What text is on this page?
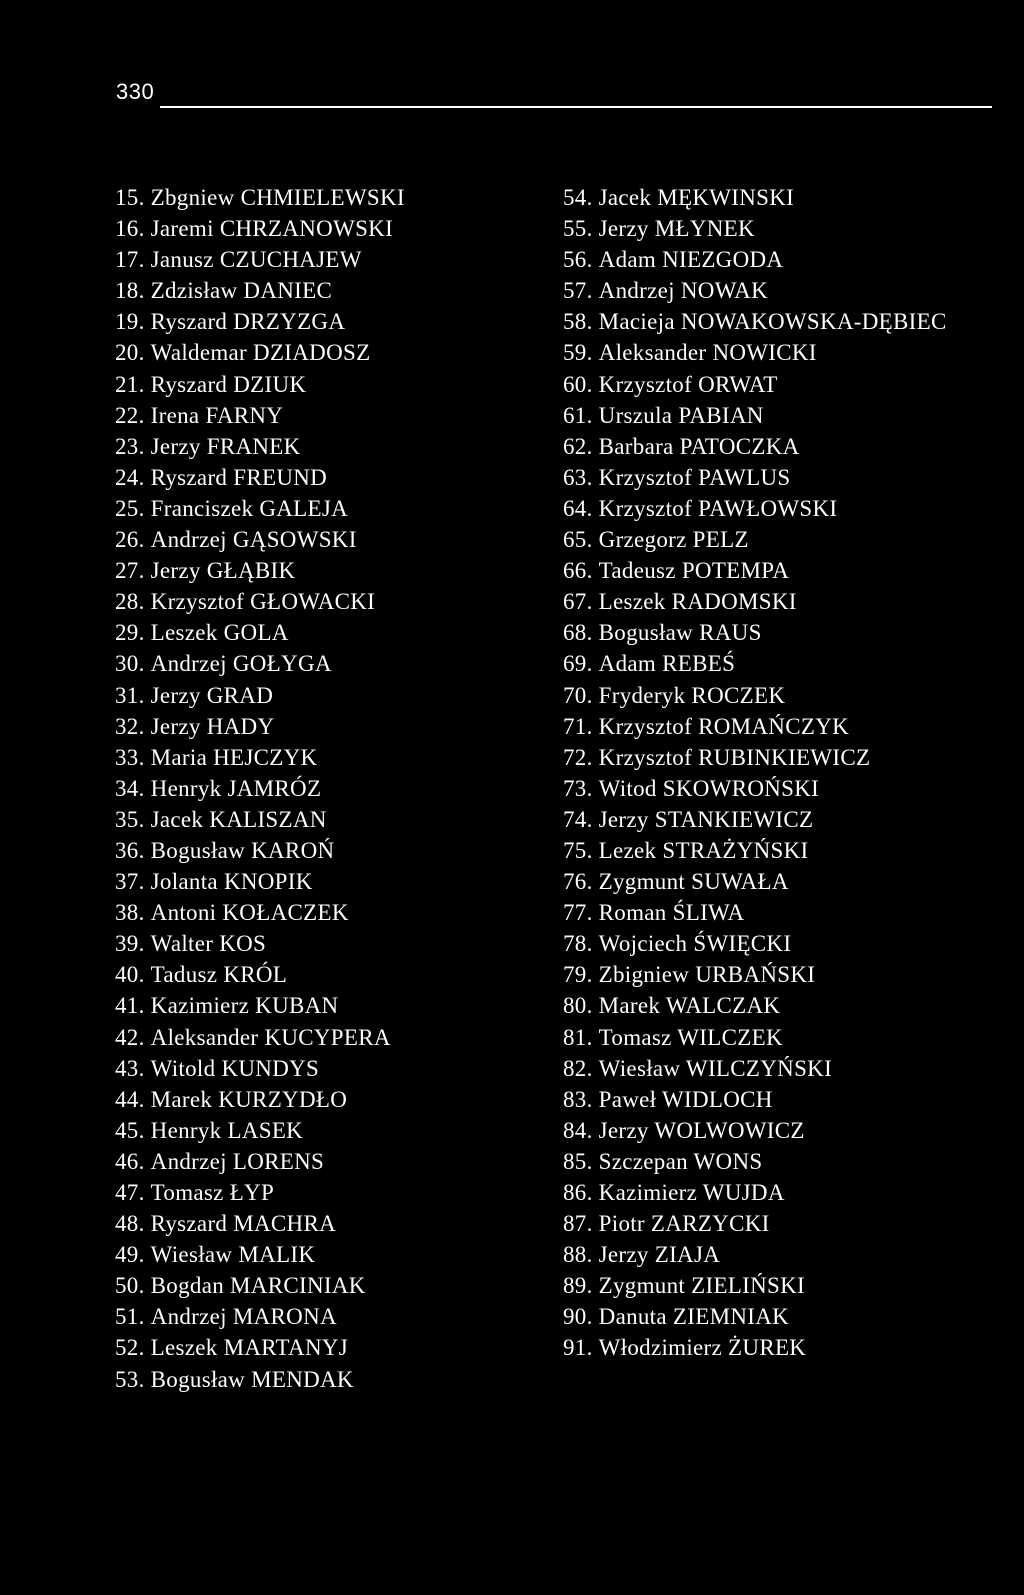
330
15. Zbgniew CHMIELEWSKI
16. Jaremi CHRZANOWSKI
17. Janusz CZUCHAJEW
18. Zdzisław DANIEC
19. Ryszard DRZYZGA
20. Waldemar DZIADOSZ
21. Ryszard DZIUK
22. Irena FARNY
23. Jerzy FRANEK
24. Ryszard FREUND
25. Franciszek GALEJA
26. Andrzej GĄSOWSKI
27. Jerzy GŁĄBIK
28. Krzysztof GŁOWACKI
29. Leszek GOLA
30. Andrzej GOŁYGA
31. Jerzy GRAD
32. Jerzy HADY
33. Maria HEJCZYK
34. Henryk JAMRÓZ
35. Jacek KALISZAN
36. Bogusław KAROŃ
37. Jolanta KNOPIK
38. Antoni KOŁACZEK
39. Walter KOS
40. Tadusz KRÓL
41. Kazimierz KUBAN
42. Aleksander KUCYPERA
43. Witold KUNDYS
44. Marek KURZYDŁO
45. Henryk LASEK
46. Andrzej LORENS
47. Tomasz ŁYP
48. Ryszard MACHRA
49. Wiesław MALIK
50. Bogdan MARCINIAK
51. Andrzej MARONA
52. Leszek MARTANYJ
53. Bogusław MENDAK
54. Jacek MĘKWINSKI
55. Jerzy MŁYNEK
56. Adam NIEZGODA
57. Andrzej NOWAK
58. Macieja NOWAKOWSKA-DĘBIEC
59. Aleksander NOWICKI
60. Krzysztof ORWAT
61. Urszula PABIAN
62. Barbara PATOCZKA
63. Krzysztof PAWLUS
64. Krzysztof PAWŁOWSKI
65. Grzegorz PELZ
66. Tadeusz POTEMPA
67. Leszek RADOMSKI
68. Bogusław RAUS
69. Adam REBEŚ
70. Fryderyk ROCZEK
71. Krzysztof ROMAŃCZYK
72. Krzysztof RUBINKIEWICZ
73. Witod SKOWROŃSKI
74. Jerzy STANKIEWICZ
75. Lezek STRAŻYŃSKI
76. Zygmunt SUWAŁA
77. Roman ŚLIWA
78. Wojciech ŚWIĘCKI
79. Zbigniew URBAŃSKI
80. Marek WALCZAK
81. Tomasz WILCZEK
82. Wiesław WILCZYŃSKI
83. Paweł WIDLOCH
84. Jerzy WOLWOWICZ
85. Szczepan WONS
86. Kazimierz WUJDA
87. Piotr ZARZYCKI
88. Jerzy ZIAJA
89. Zygmunt ZIELIŃSKI
90. Danuta ZIEMNIAK
91. Włodzimierz ŻUREK
